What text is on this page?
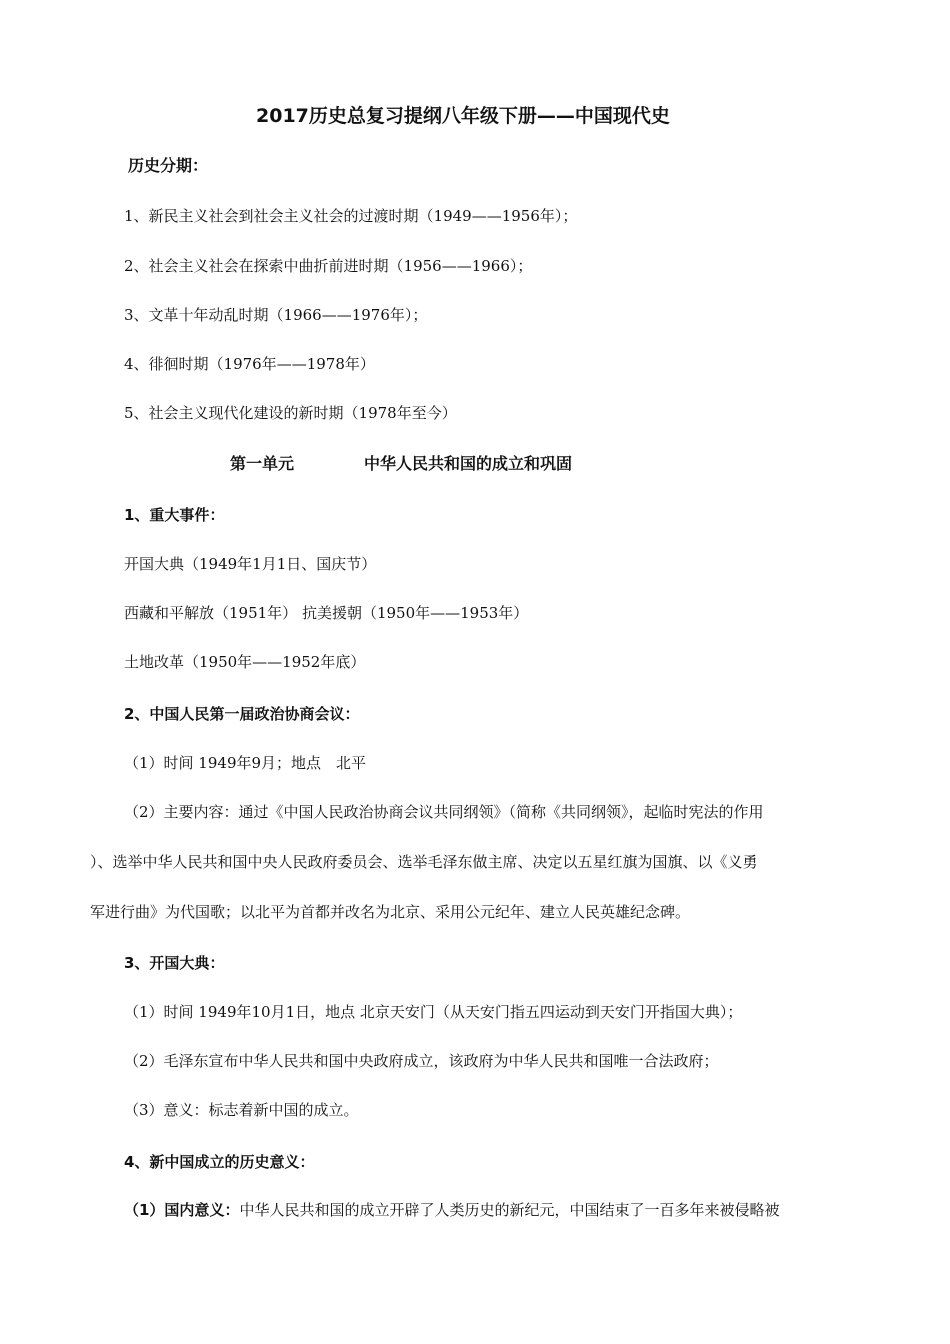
2017历史总复习提纲八年级下册——中国现代史
历史分期：
1、新民主义社会到社会主义社会的过渡时期（1949——1956年）；
2、社会主义社会在探索中曲折前进时期（1956——1966）；
3、文革十年动乱时期（1966——1976年）；
4、徘徊时期（1976年——1978年）
5、社会主义现代化建设的新时期（1978年至今）
第一单元	中华人民共和国的成立和巩固
1、重大事件：
开国大典（1949年1月1日、国庆节）
西藏和平解放（1951年） 抗美援朝（1950年——1953年）
土地改革（1950年——1952年底）
2、中国人民第一届政治协商会议：
（1）时间 1949年9月；地点　北平
（2）主要内容：通过《中国人民政治协商会议共同纲领》（简称《共同纲领》，起临时宪法的作用
）、选举中华人民共和国中央人民政府委员会、选举毛泽东做主席、决定以五星红旗为国旗、以《义勇
军进行曲》为代国歌；以北平为首都并改名为北京、采用公元纪年、建立人民英雄纪念碑。
3、开国大典：
（1）时间 1949年10月1日，地点 北京天安门（从天安门指五四运动到天安门开指国大典）；
（2）毛泽东宣布中华人民共和国中央政府成立，该政府为中华人民共和国唯一合法政府；
（3）意义：标志着新中国的成立。
4、新中国成立的历史意义：
（1）国内意义：中华人民共和国的成立开辟了人类历史的新纪元，中国结束了一百多年来被侵略被
